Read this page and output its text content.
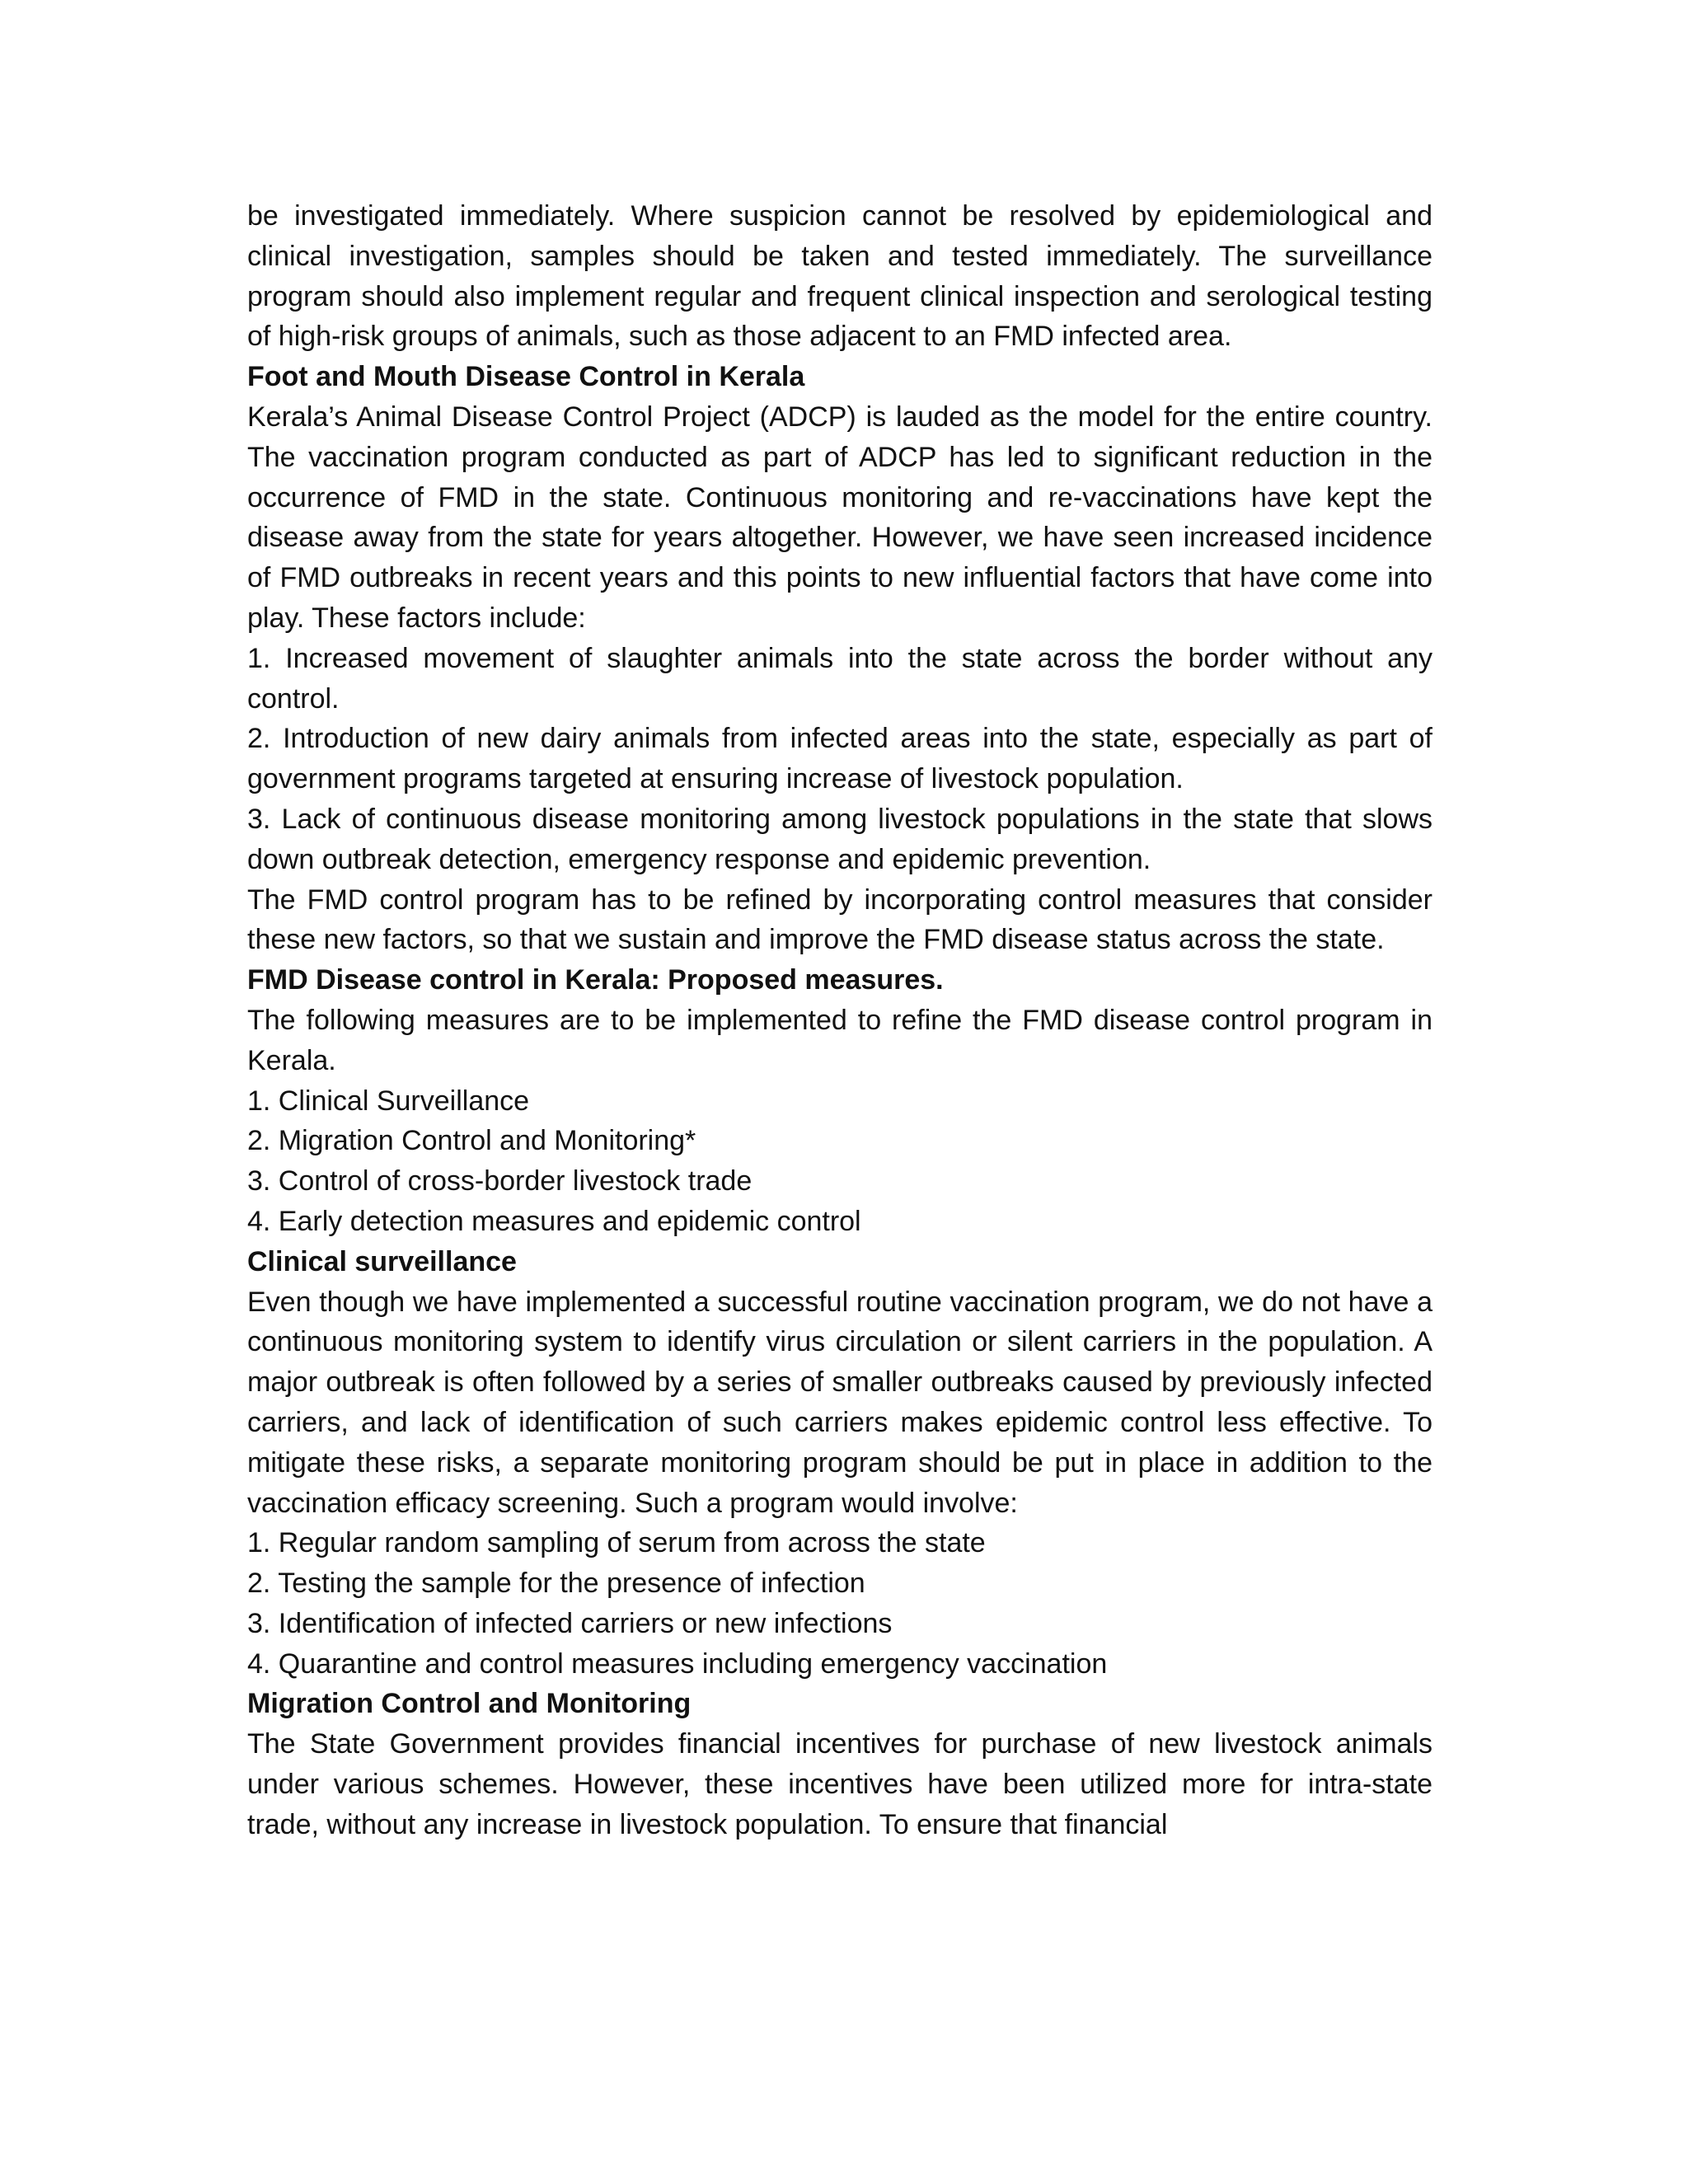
be investigated immediately. Where suspicion cannot be resolved by epidemiological and clinical investigation, samples should be taken and tested immediately. The surveillance program should also implement regular and frequent clinical inspection and serological testing of high-risk groups of animals, such as those adjacent to an FMD infected area.

Foot and Mouth Disease Control in Kerala

Kerala’s Animal Disease Control Project (ADCP) is lauded as the model for the entire country. The vaccination program conducted as part of ADCP has led to significant reduction in the occurrence of FMD in the state. Continuous monitoring and re-vaccinations have kept the disease away from the state for years altogether. However, we have seen increased incidence of FMD outbreaks in recent years and this points to new influential factors that have come into play. These factors include:

1. Increased movement of slaughter animals into the state across the border without any control.

2. Introduction of new dairy animals from infected areas into the state, especially as part of government programs targeted at ensuring increase of livestock population.

3. Lack of continuous disease monitoring among livestock populations in the state that slows down outbreak detection, emergency response and epidemic prevention.

The FMD control program has to be refined by incorporating control measures that consider these new factors, so that we sustain and improve the FMD disease status across the state.

FMD Disease control in Kerala: Proposed measures.

The following measures are to be implemented to refine the FMD disease control program in Kerala.

1. Clinical Surveillance

2. Migration Control and Monitoring*

3. Control of cross-border livestock trade

4. Early detection measures and epidemic control

Clinical surveillance

Even though we have implemented a successful routine vaccination program, we do not have a continuous monitoring system to identify virus circulation or silent carriers in the population. A major outbreak is often followed by a series of smaller outbreaks caused by previously infected carriers, and lack of identification of such carriers makes epidemic control less effective. To mitigate these risks, a separate monitoring program should be put in place in addition to the vaccination efficacy screening. Such a program would involve:

1. Regular random sampling of serum from across the state

2. Testing the sample for the presence of infection

3. Identification of infected carriers or new infections

4. Quarantine and control measures including emergency vaccination

Migration Control and Monitoring

The State Government provides financial incentives for purchase of new livestock animals under various schemes. However, these incentives have been utilized more for intra-state trade, without any increase in livestock population. To ensure that financial
